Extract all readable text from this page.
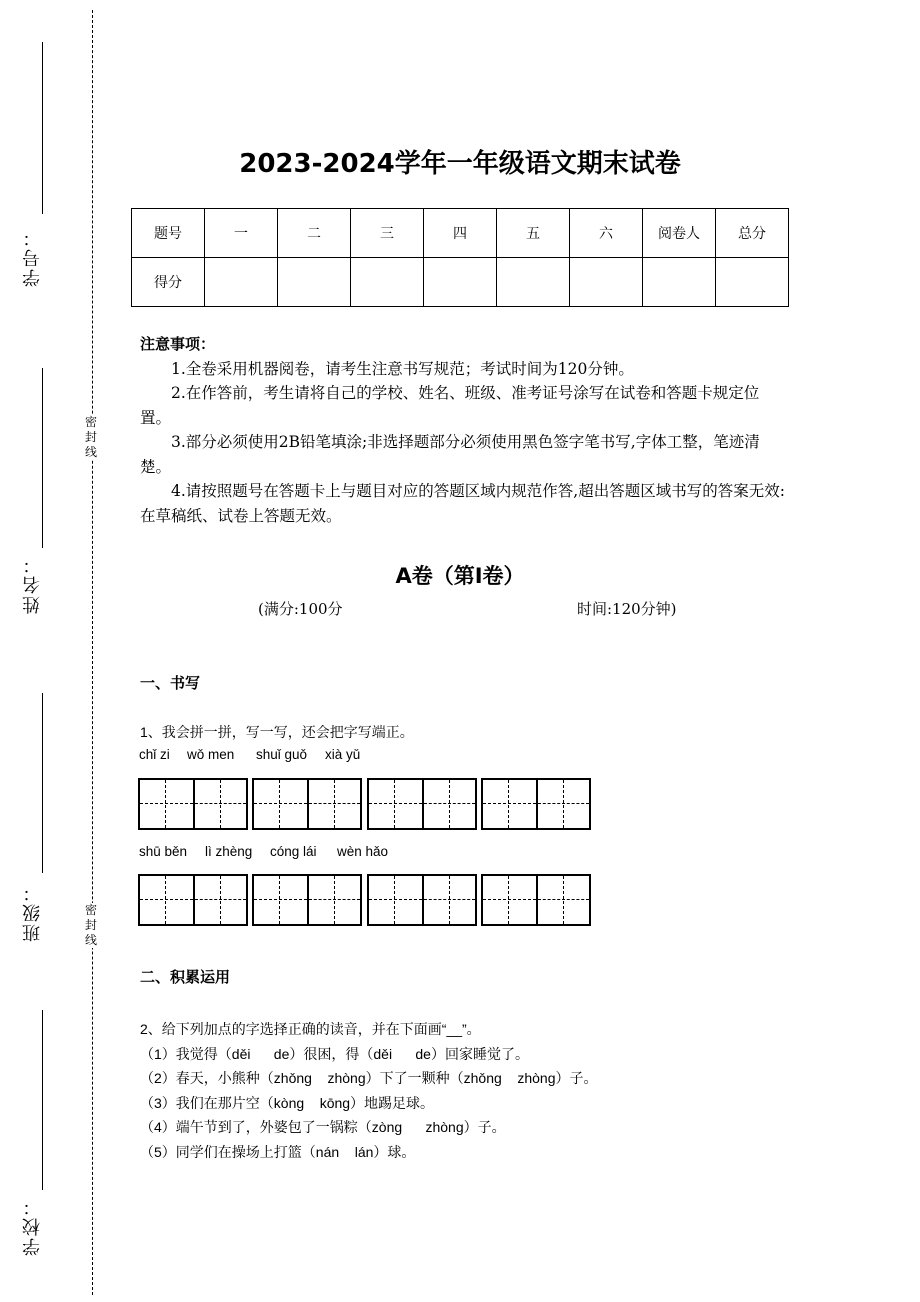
学号：
姓名：
班级：
学校：
密封线
密封线
2023-2024学年一年级语文期末试卷
题号	一	二	三	四	五	六	阅卷人	总分
得分								
注意事项：

1.全卷采用机器阅卷，请考生注意书写规范；考试时间为120分钟。

2.在作答前，考生请将自己的学校、姓名、班级、准考证号涂写在试卷和答题卡规定位置。

3.部分必须使用2B铅笔填涂;非选择题部分必须使用黑色签字笔书写,字体工整，笔迹清楚。

4.请按照题号在答题卡上与题目对应的答题区域内规范作答,超出答题区域书写的答案无效:在草稿纸、试卷上答题无效。

A卷（第Ⅰ卷）
(满分:100分	时间:120分钟)
一、书写
1、我会拼一拼，写一写，还会把字写端正。
chǐ zi wǒ men shuǐ guǒ xià yǔ
shū běn lì zhèng cóng lái wèn hǎo
二、积累运用
2、给下列加点的字选择正确的读音，并在下面画“__”。
（1）我觉得（děi      de）很困，得（děi      de）回家睡觉了。
（2）春天，小熊种（zhǒng    zhòng）下了一颗种（zhǒng    zhòng）子。
（3）我们在那片空（kòng    kōng）地踢足球。
（4）端午节到了，外婆包了一锅粽（zòng      zhòng）子。
（5）同学们在操场上打篮（nán    lán）球。
